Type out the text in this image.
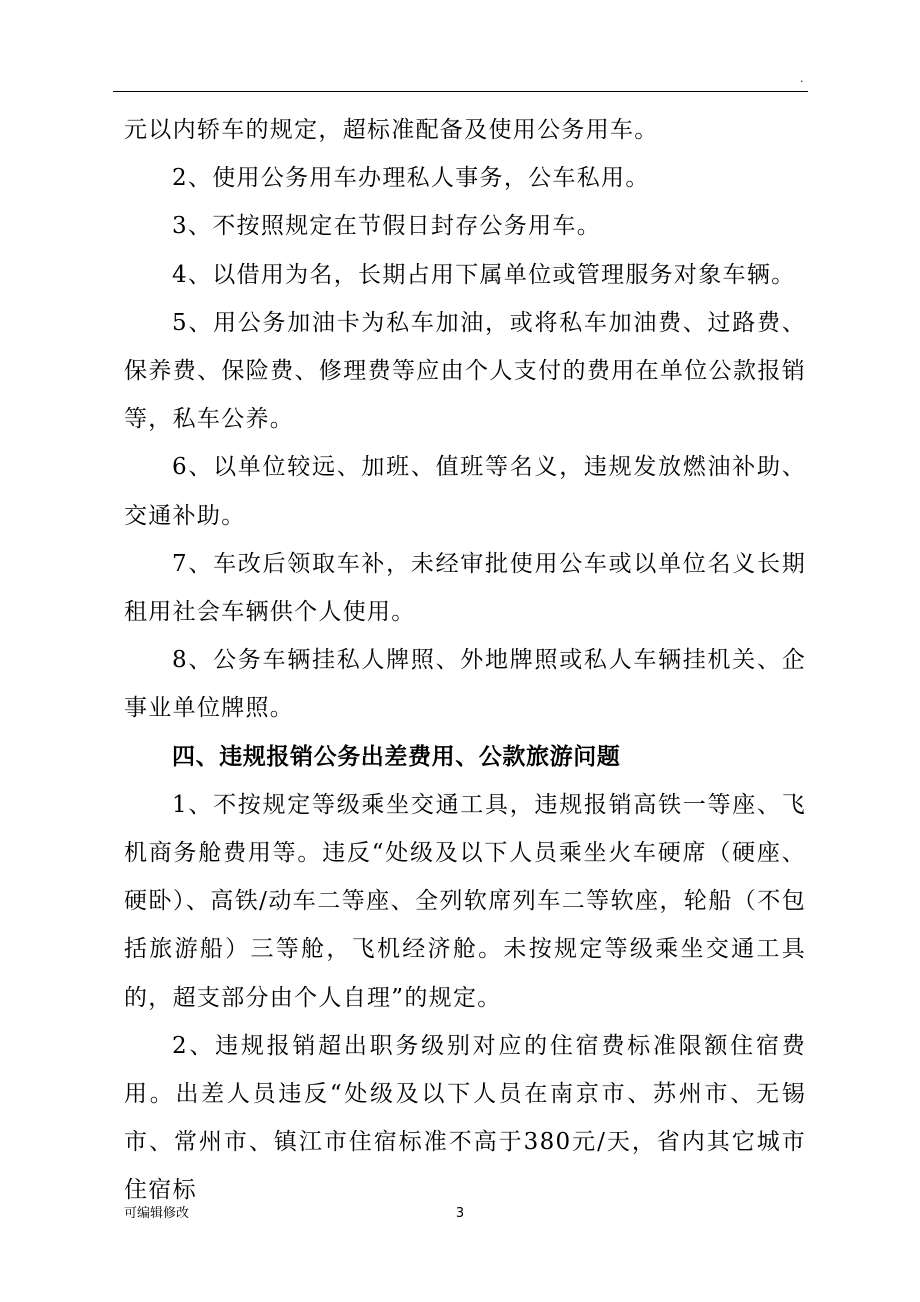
.

元以内轿车的规定，超标准配备及使用公务用车。

2、使用公务用车办理私人事务，公车私用。

3、不按照规定在节假日封存公务用车。

4、以借用为名，长期占用下属单位或管理服务对象车辆。

5、用公务加油卡为私车加油，或将私车加油费、过路费、保养费、保险费、修理费等应由个人支付的费用在单位公款报销等，私车公养。

6、以单位较远、加班、值班等名义，违规发放燃油补助、交通补助。

7、车改后领取车补，未经审批使用公车或以单位名义长期租用社会车辆供个人使用。

8、公务车辆挂私人牌照、外地牌照或私人车辆挂机关、企事业单位牌照。

四、违规报销公务出差费用、公款旅游问题

1、不按规定等级乘坐交通工具，违规报销高铁一等座、飞机商务舱费用等。违反“处级及以下人员乘坐火车硬席（硬座、硬卧）、高铁/动车二等座、全列软席列车二等软座，轮船（不包括旅游船）三等舱，飞机经济舱。未按规定等级乘坐交通工具的，超支部分由个人自理”的规定。

2、违规报销超出职务级别对应的住宿费标准限额住宿费用。出差人员违反“处级及以下人员在南京市、苏州市、无锡市、常州市、镇江市住宿标准不高于380元/天，省内其它城市住宿标

可编辑修改	3
